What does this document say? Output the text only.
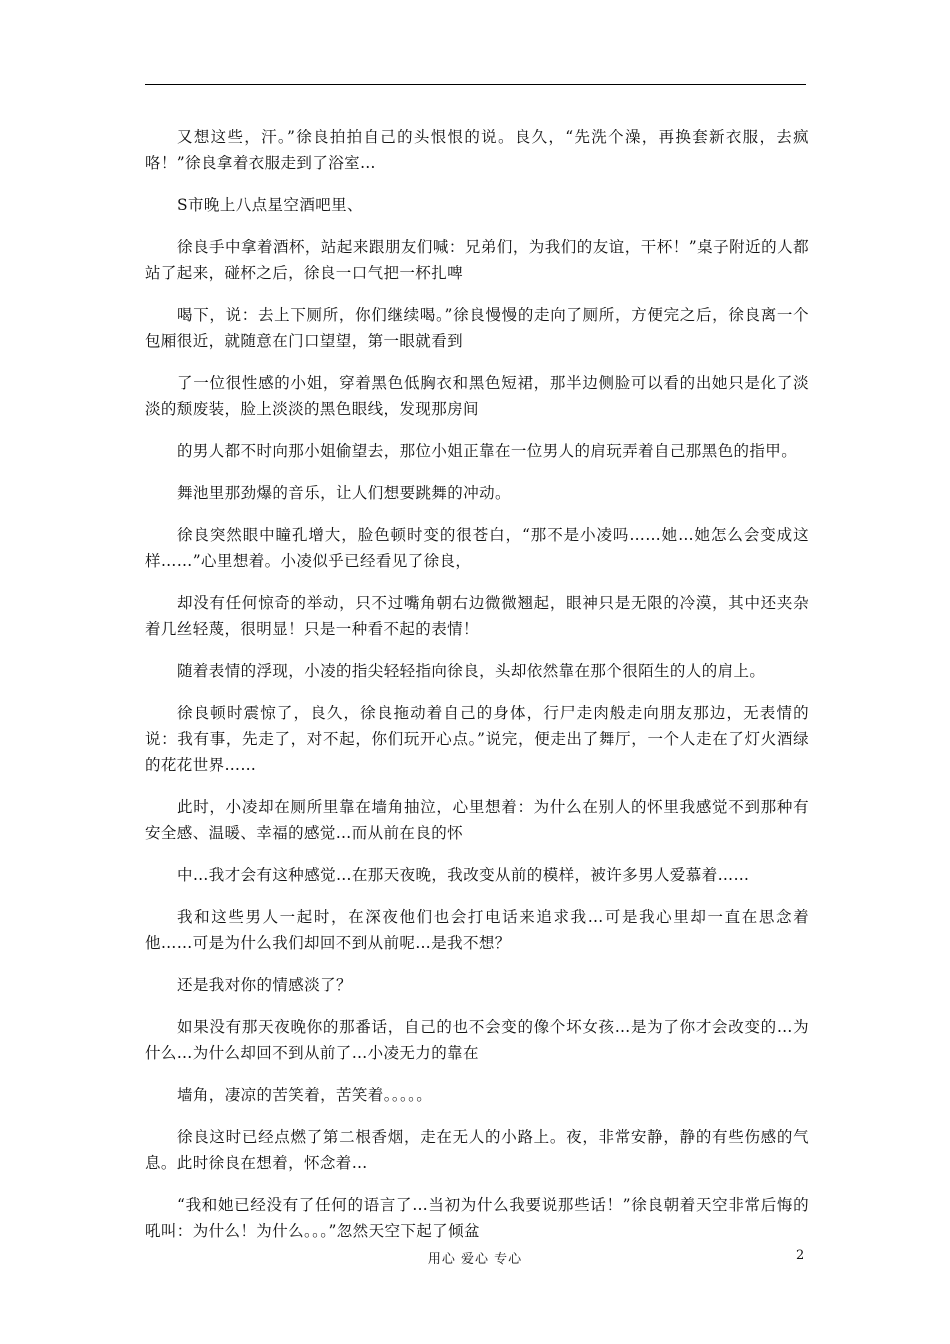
又想这些，汗。”徐良拍拍自己的头恨恨的说。良久，“先洗个澡，再换套新衣服，去疯咯！”徐良拿着衣服走到了浴室…

S市晚上八点星空酒吧里、

徐良手中拿着酒杯，站起来跟朋友们喊：兄弟们，为我们的友谊，干杯！”桌子附近的人都站了起来，碰杯之后，徐良一口气把一杯扎啤

喝下，说：去上下厕所，你们继续喝。”徐良慢慢的走向了厕所，方便完之后，徐良离一个包厢很近，就随意在门口望望，第一眼就看到

了一位很性感的小姐，穿着黑色低胸衣和黑色短裙，那半边侧脸可以看的出她只是化了淡淡的颓废装，脸上淡淡的黑色眼线，发现那房间

的男人都不时向那小姐偷望去，那位小姐正靠在一位男人的肩玩弄着自己那黑色的指甲。

舞池里那劲爆的音乐，让人们想要跳舞的冲动。

徐良突然眼中瞳孔增大，脸色顿时变的很苍白，“那不是小凌吗……她…她怎么会变成这样……”心里想着。小凌似乎已经看见了徐良，

却没有任何惊奇的举动，只不过嘴角朝右边微微翘起，眼神只是无限的冷漠，其中还夹杂着几丝轻蔑，很明显！只是一种看不起的表情！

随着表情的浮现，小凌的指尖轻轻指向徐良，头却依然靠在那个很陌生的人的肩上。

徐良顿时震惊了，良久，徐良拖动着自己的身体，行尸走肉般走向朋友那边，无表情的说：我有事，先走了，对不起，你们玩开心点。”说完，便走出了舞厅，一个人走在了灯火酒绿的花花世界……

此时，小凌却在厕所里靠在墙角抽泣，心里想着：为什么在别人的怀里我感觉不到那种有安全感、温暖、幸福的感觉…而从前在良的怀

中…我才会有这种感觉…在那天夜晚，我改变从前的模样，被许多男人爱慕着……

我和这些男人一起时，在深夜他们也会打电话来追求我…可是我心里却一直在思念着他……可是为什么我们却回不到从前呢…是我不想？

还是我对你的情感淡了？

如果没有那天夜晚你的那番话，自己的也不会变的像个坏女孩…是为了你才会改变的…为什么…为什么却回不到从前了…小凌无力的靠在

墙角，凄凉的苦笑着，苦笑着。。。。。

徐良这时已经点燃了第二根香烟，走在无人的小路上。夜，非常安静，静的有些伤感的气息。此时徐良在想着，怀念着…

“我和她已经没有了任何的语言了…当初为什么我要说那些话！”徐良朝着天空非常后悔的吼叫：为什么！为什么。。。”忽然天空下起了倾盆

用心 爱心 专心	2
